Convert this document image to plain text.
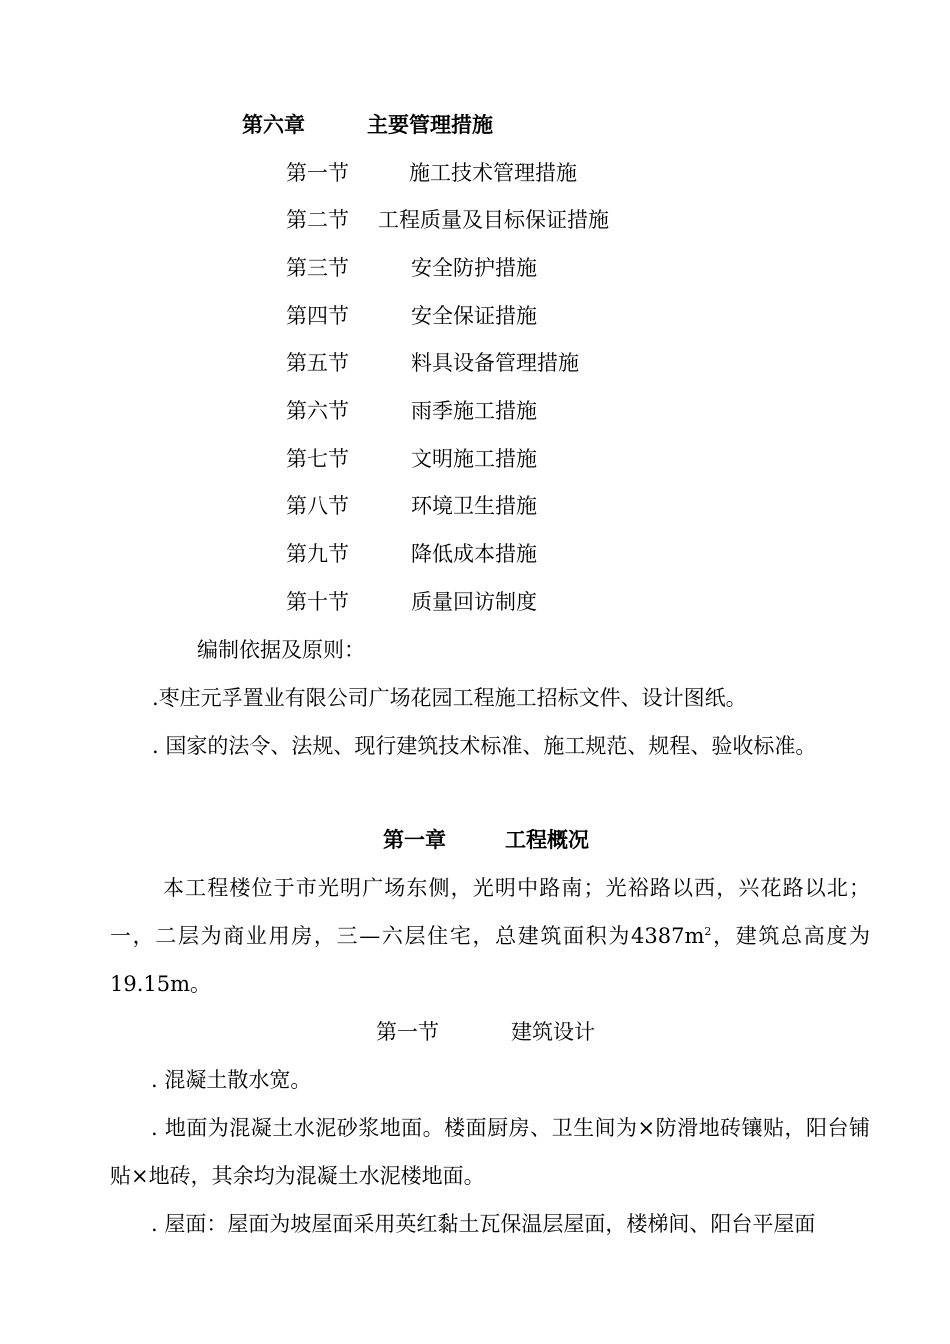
第六章	主要管理措施
第一节	施工技术管理措施
第二节 工程质量及目标保证措施
第三节	安全防护措施
第四节	安全保证措施
第五节	料具设备管理措施
第六节	雨季施工措施
第七节	文明施工措施
第八节	环境卫生措施
第九节	降低成本措施
第十节	质量回访制度
编制依据及原则：
.枣庄元孚置业有限公司广场花园工程施工招标文件、设计图纸。
. 国家的法令、法规、现行建筑技术标准、施工规范、规程、验收标准。
第一章	工程概况
本工程楼位于市光明广场东侧，光明中路南；光裕路以西，兴花路以北；一，二层为商业用房，三—六层住宅，总建筑面积为$4387m^2$，建筑总高度为19.15m。
第一节	建筑设计
. 混凝土散水宽。
. 地面为混凝土水泥砂浆地面。楼面厨房、卫生间为×防滑地砖镶贴，阳台铺贴×地砖，其余均为混凝土水泥楼地面。
. 屋面：屋面为坡屋面采用英红黏土瓦保温层屋面，楼梯间、阳台平屋面
